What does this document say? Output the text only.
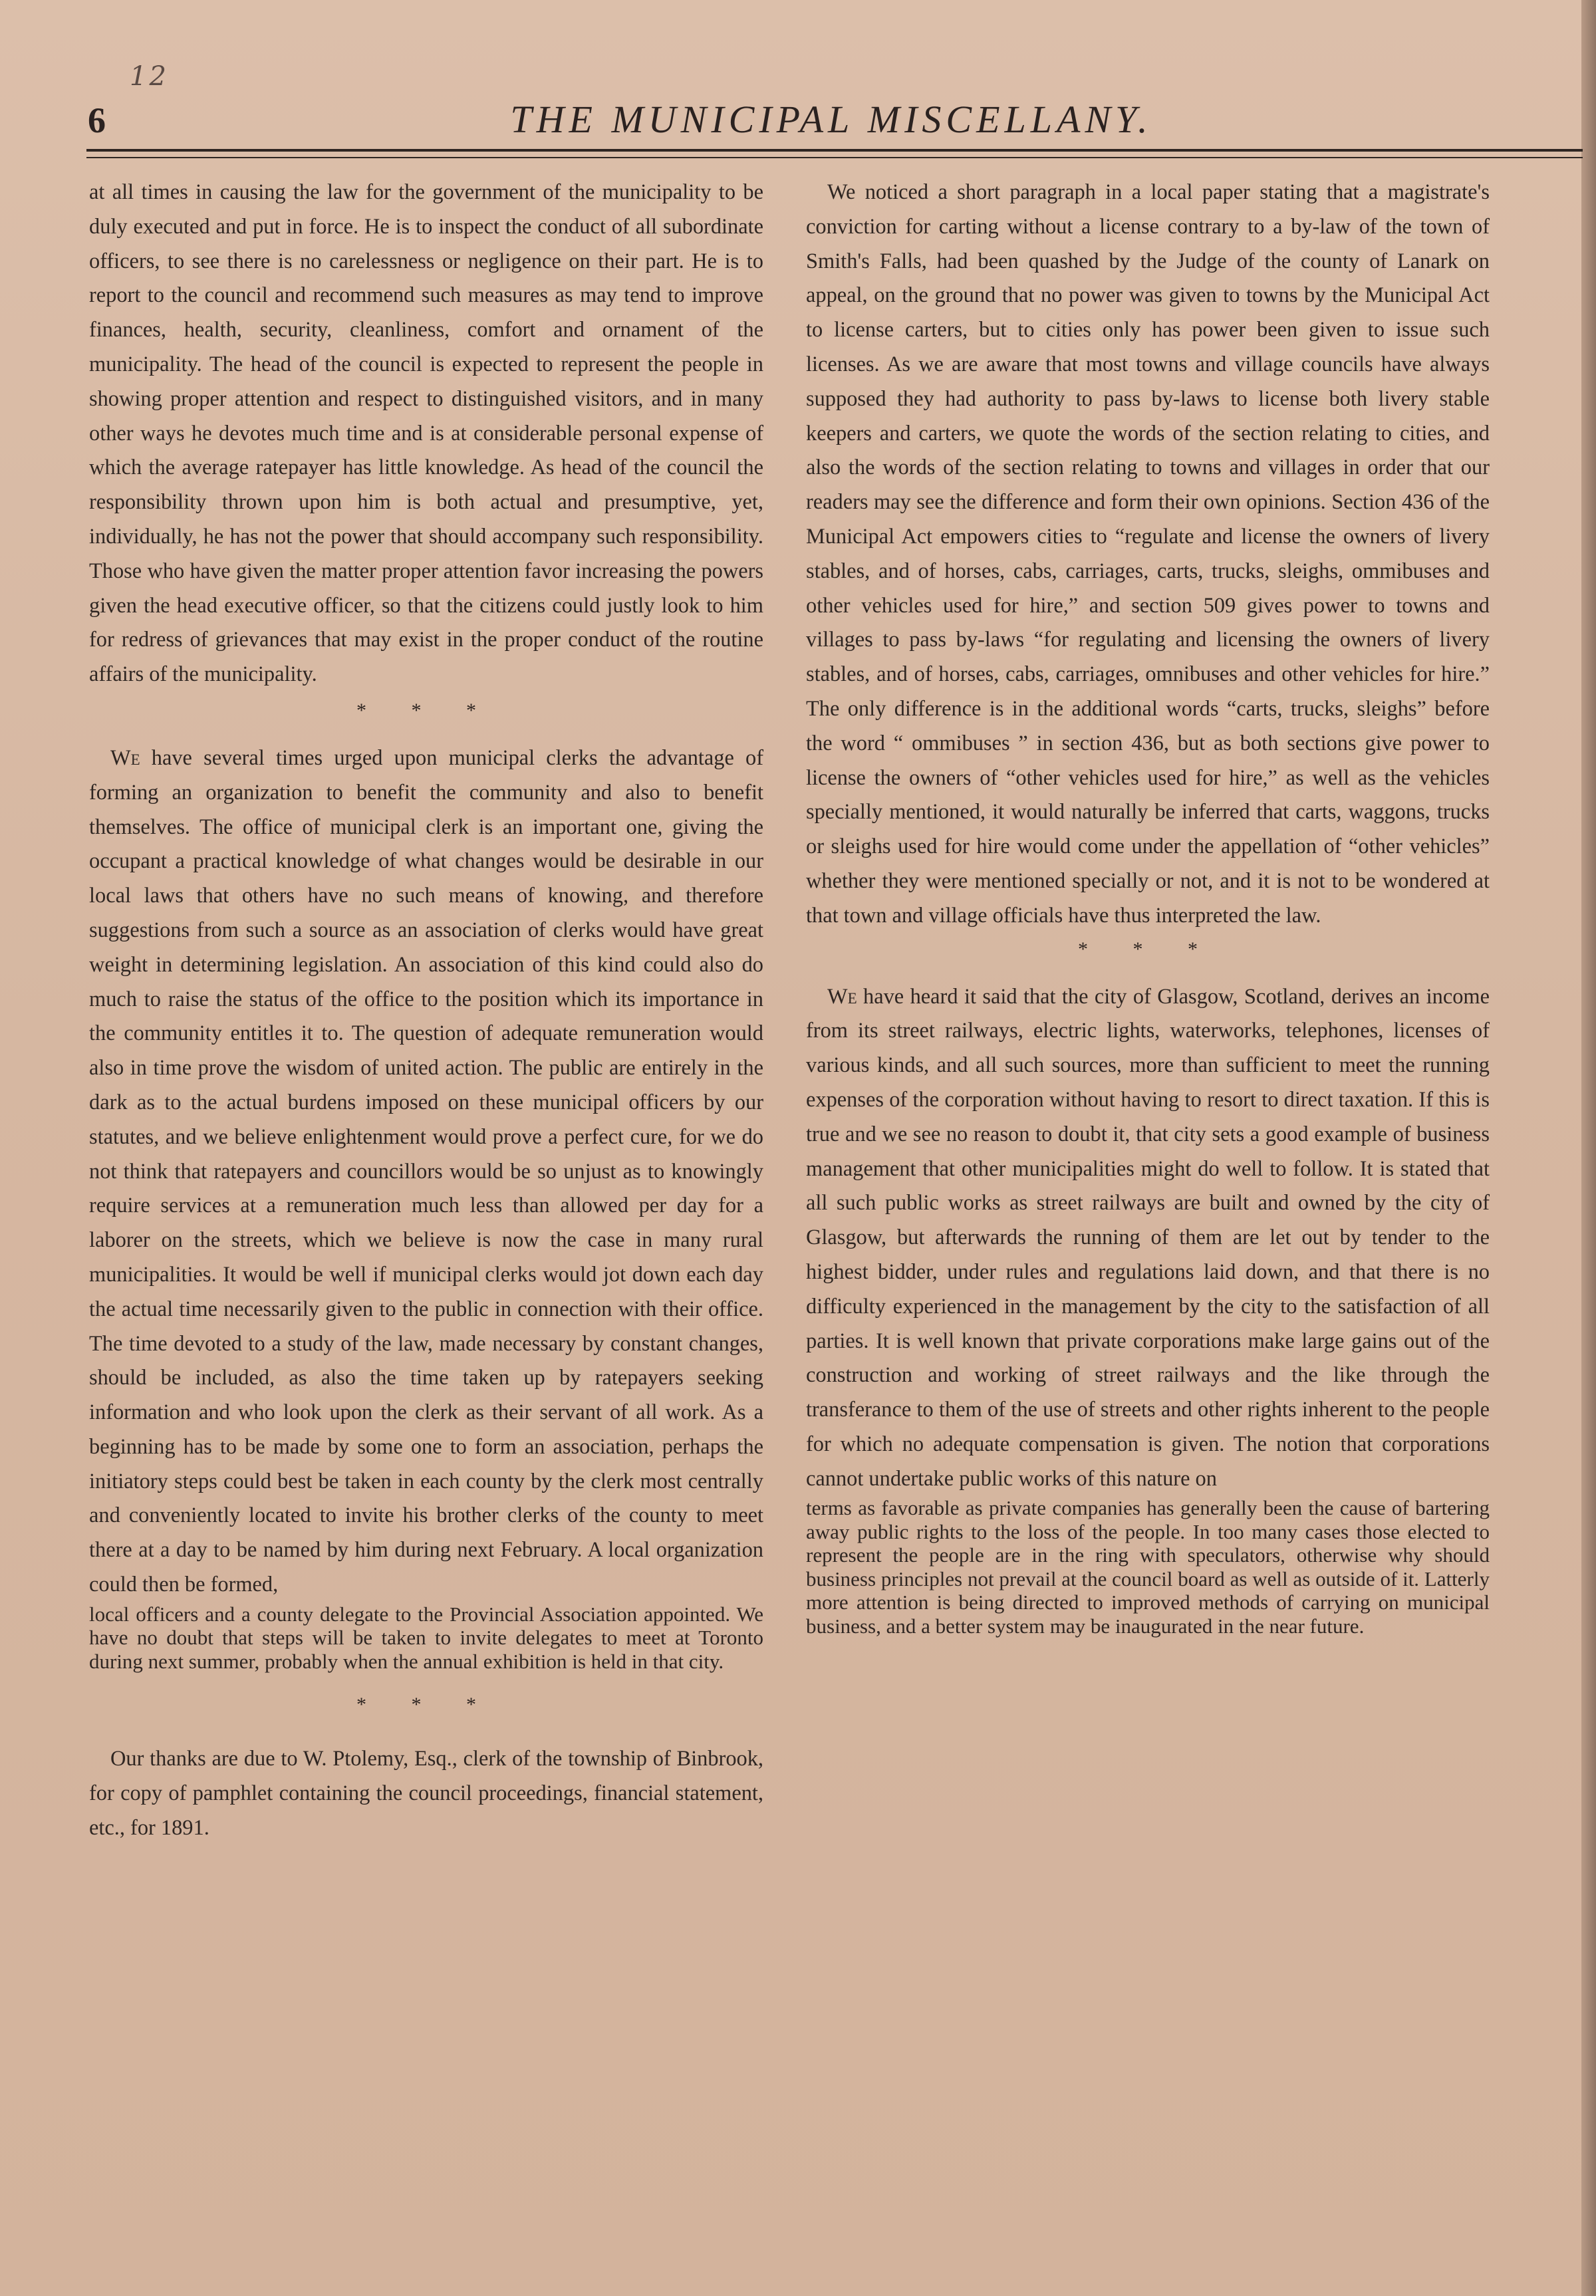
12
6	THE MUNICIPAL MISCELLANY.

at all times in causing the law for the government of the municipality to be duly executed and put in force. He is to inspect the conduct of all subordinate officers, to see there is no carelessness or negligence on their part. He is to report to the council and recommend such measures as may tend to improve finances, health, security, cleanliness, comfort and ornament of the municipality. The head of the council is expected to represent the people in showing proper attention and respect to distinguished visitors, and in many other ways he devotes much time and is at considerable personal expense of which the average ratepayer has little knowledge. As head of the council the responsibility thrown upon him is both actual and presumptive, yet, individually, he has not the power that should accompany such responsibility. Those who have given the matter proper attention favor increasing the powers given the head executive officer, so that the citizens could justly look to him for redress of grievances that may exist in the proper conduct of the routine affairs of the municipality.

* * *

We have several times urged upon municipal clerks the advantage of forming an organization to benefit the community and also to benefit themselves. The office of municipal clerk is an important one, giving the occupant a practical knowledge of what changes would be desirable in our local laws that others have no such means of knowing, and therefore suggestions from such a source as an association of clerks would have great weight in determining legislation. An association of this kind could also do much to raise the status of the office to the position which its importance in the community entitles it to. The question of adequate remuneration would also in time prove the wisdom of united action. The public are entirely in the dark as to the actual burdens imposed on these municipal officers by our statutes, and we believe enlightenment would prove a perfect cure, for we do not think that ratepayers and councillors would be so unjust as to knowingly require services at a remuneration much less than allowed per day for a laborer on the streets, which we believe is now the case in many rural municipalities. It would be well if municipal clerks would jot down each day the actual time necessarily given to the public in connection with their office. The time devoted to a study of the law, made necessary by constant changes, should be included, as also the time taken up by ratepayers seeking information and who look upon the clerk as their servant of all work. As a beginning has to be made by some one to form an association, perhaps the initiatory steps could best be taken in each county by the clerk most centrally and conveniently located to invite his brother clerks of the county to meet there at a day to be named by him during next February. A local organization could then be formed,

local officers and a county delegate to the Provincial Association appointed. We have no doubt that steps will be taken to invite delegates to meet at Toronto during next summer, probably when the annual exhibition is held in that city.

* * *

Our thanks are due to W. Ptolemy, Esq., clerk of the township of Binbrook, for copy of pamphlet containing the council proceedings, financial statement, etc., for 1891.

We noticed a short paragraph in a local paper stating that a magistrate's conviction for carting without a license contrary to a by-law of the town of Smith's Falls, had been quashed by the Judge of the county of Lanark on appeal, on the ground that no power was given to towns by the Municipal Act to license carters, but to cities only has power been given to issue such licenses. As we are aware that most towns and village councils have always supposed they had authority to pass by-laws to license both livery stable keepers and carters, we quote the words of the section relating to cities, and also the words of the section relating to towns and villages in order that our readers may see the difference and form their own opinions. Section 436 of the Municipal Act empowers cities to “regulate and license the owners of livery stables, and of horses, cabs, carriages, carts, trucks, sleighs, ommibuses and other vehicles used for hire,” and section 509 gives power to towns and villages to pass by-laws “for regulating and licensing the owners of livery stables, and of horses, cabs, carriages, omnibuses and other vehicles for hire.” The only difference is in the additional words “carts, trucks, sleighs” before the word “ ommibuses ” in section 436, but as both sections give power to license the owners of “other vehicles used for hire,” as well as the vehicles specially mentioned, it would naturally be inferred that carts, waggons, trucks or sleighs used for hire would come under the appellation of “other vehicles” whether they were mentioned specially or not, and it is not to be wondered at that town and village officials have thus interpreted the law.

* * *

We have heard it said that the city of Glasgow, Scotland, derives an income from its street railways, electric lights, waterworks, telephones, licenses of various kinds, and all such sources, more than sufficient to meet the running expenses of the corporation without having to resort to direct taxation. If this is true and we see no reason to doubt it, that city sets a good example of business management that other municipalities might do well to follow. It is stated that all such public works as street railways are built and owned by the city of Glasgow, but afterwards the running of them are let out by tender to the highest bidder, under rules and regulations laid down, and that there is no difficulty experienced in the management by the city to the satisfaction of all parties. It is well known that private corporations make large gains out of the construction and working of street railways and the like through the transferance to them of the use of streets and other rights inherent to the people for which no adequate compensation is given. The notion that corporations cannot undertake public works of this nature on

terms as favorable as private companies has generally been the cause of bartering away public rights to the loss of the people. In too many cases those elected to represent the people are in the ring with speculators, otherwise why should business principles not prevail at the council board as well as outside of it. Latterly more attention is being directed to improved methods of carrying on municipal business, and a better system may be inaugurated in the near future.
